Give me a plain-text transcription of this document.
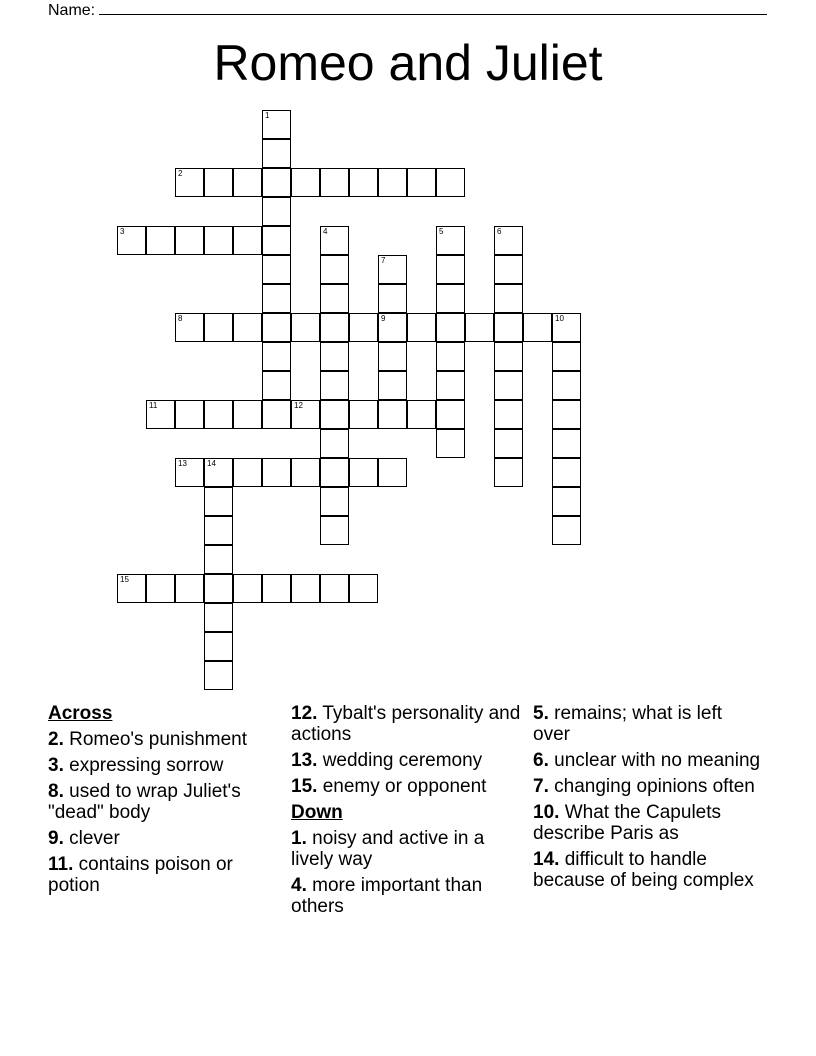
Name:
Romeo and Juliet
2
3
8	9	10
11	12
13	14
15
1
4	5	6
7
Across
2. Romeo's punishment
3. expressing sorrow
8. used to wrap Juliet's "dead" body
9. clever
11. contains poison or potion
12. Tybalt's personality and actions
13. wedding ceremony
15. enemy or opponent
Down
1. noisy and active in a lively way
4. more important than others
5. remains; what is left over
6. unclear with no meaning
7. changing opinions often
10. What the Capulets describe Paris as
14. difficult to handle because of being complex
